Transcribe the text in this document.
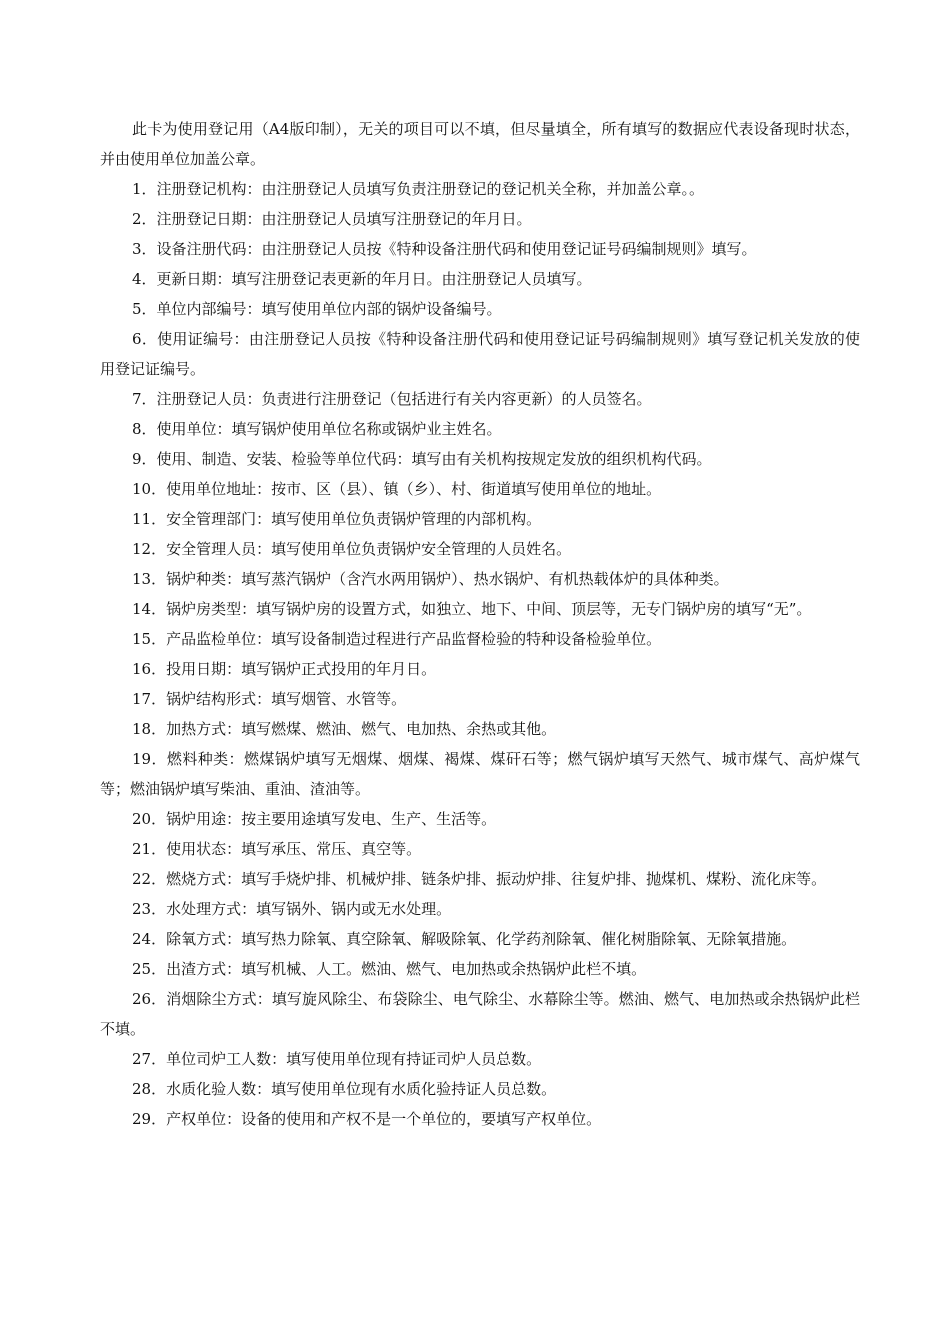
此卡为使用登记用（A4版印制），无关的项目可以不填，但尽量填全，所有填写的数据应代表设备现时状态，并由使用单位加盖公章。

1．注册登记机构：由注册登记人员填写负责注册登记的登记机关全称，并加盖公章。。

2．注册登记日期：由注册登记人员填写注册登记的年月日。

3．设备注册代码：由注册登记人员按《特种设备注册代码和使用登记证号码编制规则》填写。

4．更新日期：填写注册登记表更新的年月日。由注册登记人员填写。

5．单位内部编号：填写使用单位内部的锅炉设备编号。

6．使用证编号：由注册登记人员按《特种设备注册代码和使用登记证号码编制规则》填写登记机关发放的使用登记证编号。

7．注册登记人员：负责进行注册登记（包括进行有关内容更新）的人员签名。

8．使用单位：填写锅炉使用单位名称或锅炉业主姓名。

9．使用、制造、安装、检验等单位代码：填写由有关机构按规定发放的组织机构代码。

10．使用单位地址：按市、区（县）、镇（乡）、村、街道填写使用单位的地址。

11．安全管理部门：填写使用单位负责锅炉管理的内部机构。

12．安全管理人员：填写使用单位负责锅炉安全管理的人员姓名。

13．锅炉种类：填写蒸汽锅炉（含汽水两用锅炉）、热水锅炉、有机热载体炉的具体种类。

14．锅炉房类型：填写锅炉房的设置方式，如独立、地下、中间、顶层等，无专门锅炉房的填写“无”。

15．产品监检单位：填写设备制造过程进行产品监督检验的特种设备检验单位。

16．投用日期：填写锅炉正式投用的年月日。

17．锅炉结构形式：填写烟管、水管等。

18．加热方式：填写燃煤、燃油、燃气、电加热、余热或其他。

19．燃料种类：燃煤锅炉填写无烟煤、烟煤、褐煤、煤矸石等；燃气锅炉填写天然气、城市煤气、高炉煤气等；燃油锅炉填写柴油、重油、渣油等。

20．锅炉用途：按主要用途填写发电、生产、生活等。

21．使用状态：填写承压、常压、真空等。

22．燃烧方式：填写手烧炉排、机械炉排、链条炉排、振动炉排、往复炉排、抛煤机、煤粉、流化床等。

23．水处理方式：填写锅外、锅内或无水处理。

24．除氧方式：填写热力除氧、真空除氧、解吸除氧、化学药剂除氧、催化树脂除氧、无除氧措施。

25．出渣方式：填写机械、人工。燃油、燃气、电加热或余热锅炉此栏不填。

26．消烟除尘方式：填写旋风除尘、布袋除尘、电气除尘、水幕除尘等。燃油、燃气、电加热或余热锅炉此栏不填。

27．单位司炉工人数：填写使用单位现有持证司炉人员总数。

28．水质化验人数：填写使用单位现有水质化验持证人员总数。

29．产权单位：设备的使用和产权不是一个单位的，要填写产权单位。
